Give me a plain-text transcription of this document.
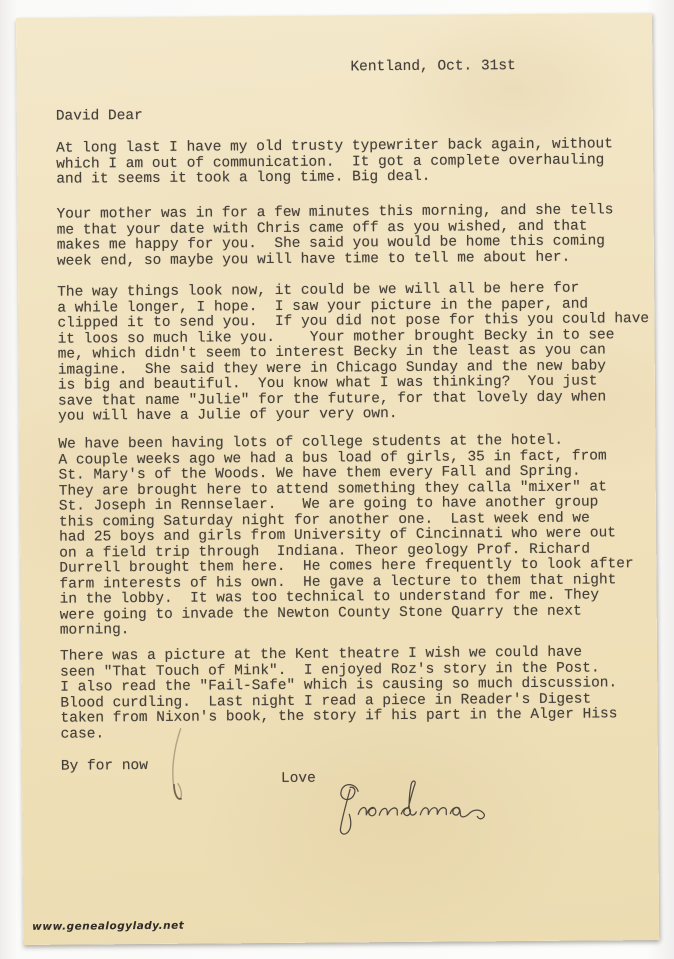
Kentland, Oct. 31st
David Dear
At long last I have my old trusty typewriter back again, without
which I am out of communication.  It got a complete overhauling
and it seems it took a long time. Big deal.
Your mother was in for a few minutes this morning, and she tells
me that your date with Chris came off as you wished, and that
makes me happy for you.  She said you would be home this coming
week end, so maybe you will have time to tell me about her.
The way things look now, it could be we will all be here for
a while longer, I hope.  I saw your picture in the paper, and
clipped it to send you.  If you did not pose for this you could have
it loos so much like you.    Your mother brought Becky in to see
me, which didn't seem to interest Becky in the least as you can
imagine.  She said they were in Chicago Sunday and the new baby
is big and beautiful.  You know what I was thinking?  You just
save that name "Julie" for the future, for that lovely day when
you will have a Julie of your very own.
We have been having lots of college students at the hotel.
A couple weeks ago we had a bus load of girls, 35 in fact, from
St. Mary's of the Woods. We have them every Fall and Spring.
They are brought here to attend something they calla "mixer" at
St. Joseph in Rennselaer.   We are going to have another group
this coming Saturday night for another one.  Last week end we
had 25 boys and girls from University of Cincinnati who were out
on a field trip through  Indiana. Theor geology Prof. Richard
Durrell brought them here.  He comes here frequently to look after
farm interests of his own.  He gave a lecture to them that night
in the lobby.  It was too technical to understand for me. They
were going to invade the Newton County Stone Quarry the next
morning.
There was a picture at the Kent theatre I wish we could have
seen "That Touch of Mink".  I enjoyed Roz's story in the Post.
I also read the "Fail-Safe" which is causing so much discussion.
Blood curdling.  Last night I read a piece in Reader's Digest
taken from Nixon's book, the story if his part in the Alger Hiss
case.
By for now
Love
www.genealogylady.net
